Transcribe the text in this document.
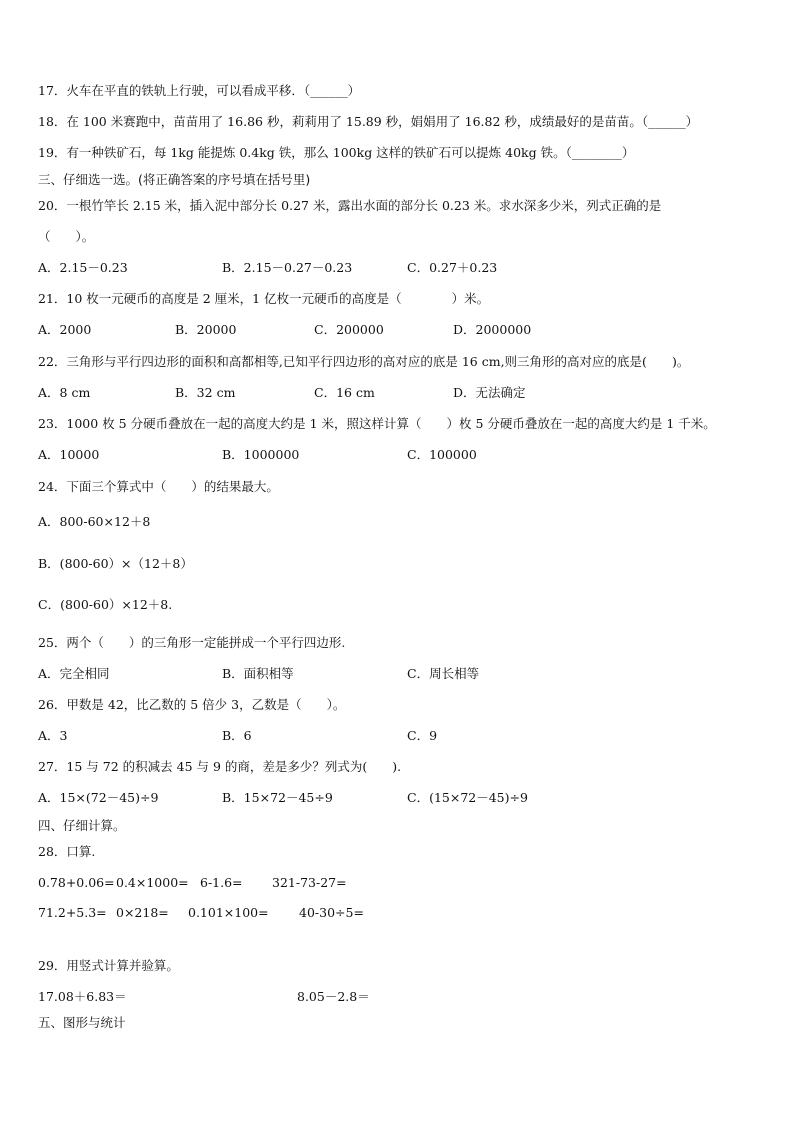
17．火车在平直的铁轨上行驶，可以看成平移．（______）
18．在 100 米赛跑中，苗苗用了 16.86 秒，莉莉用了 15.89 秒，娟娟用了 16.82 秒，成绩最好的是苗苗。（______）
19．有一种铁矿石，每 1kg 能提炼 0.4kg 铁，那么 100kg 这样的铁矿石可以提炼 40kg 铁。（________）
三、仔细选一选。(将正确答案的序号填在括号里)
20．一根竹竿长 2.15 米，插入泥中部分长 0.27 米，露出水面的部分长 0.23 米。求水深多少米，列式正确的是
（　　）。
A．2.15－0.23	B．2.15－0.27－0.23	C．0.27＋0.23
21．10 枚一元硬币的高度是 2 厘米，1 亿枚一元硬币的高度是（　　　　）米。
A．2000	B．20000	C．200000	D．2000000
22．三角形与平行四边形的面积和高都相等,已知平行四边形的高对应的底是 16 cm,则三角形的高对应的底是(　　)。
A．8 cm	B．32 cm	C．16 cm	D．无法确定
23．1000 枚 5 分硬币叠放在一起的高度大约是 1 米，照这样计算（　　）枚 5 分硬币叠放在一起的高度大约是 1 千米。
A．10000	B．1000000	C．100000
24．下面三个算式中（　　）的结果最大。
A．800-60×12＋8
B．(800-60）×（12＋8）
C．(800-60）×12＋8.
25．两个（　　）的三角形一定能拼成一个平行四边形.
A．完全相同	B．面积相等	C．周长相等
26．甲数是 42，比乙数的 5 倍少 3，乙数是（　　）。
A．3	B．6	C．9
27．15 与 72 的积减去 45 与 9 的商，差是多少？列式为(　　).
A．15×(72－45)÷9	B．15×72－45÷9	C．(15×72－45)÷9
四、仔细计算。
28．口算.
0.78+0.06= 0.4×1000= 6-1.6= 321-73-27=
71.2+5.3= 0×218= 0.101×100= 40-30÷5=
29．用竖式计算并验算。
17.08＋6.83＝	8.05－2.8＝
五、图形与统计
